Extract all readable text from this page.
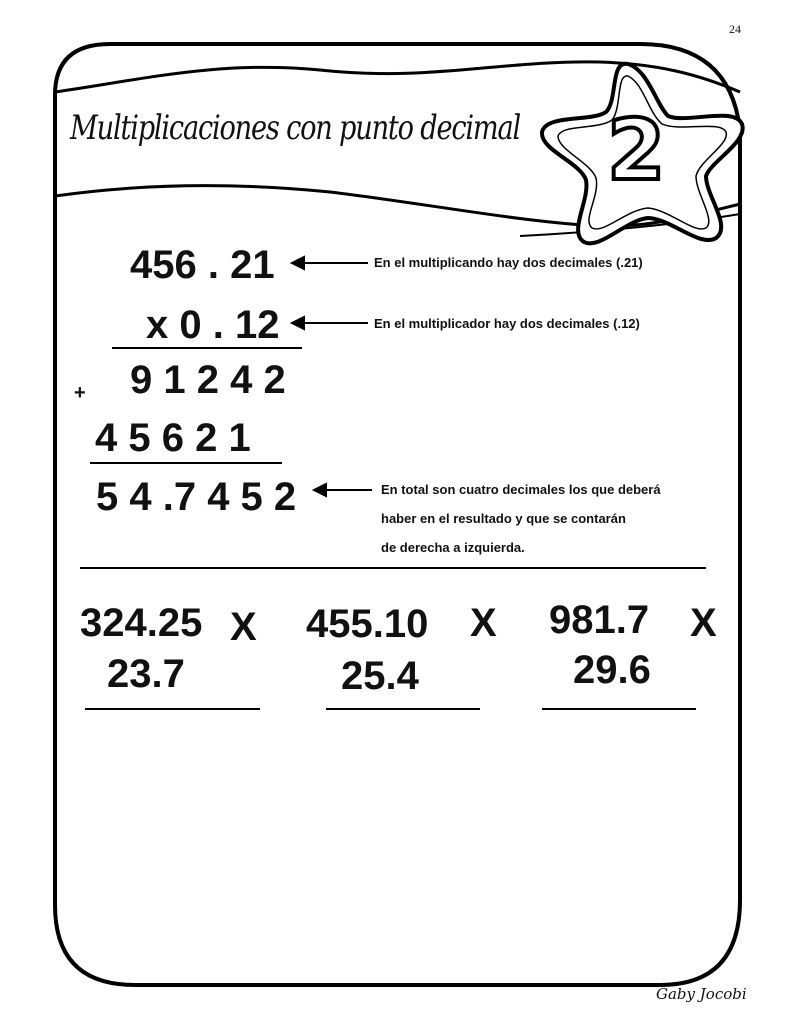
24
Multiplicaciones con punto decimal 2
456 . 21
x 0 . 12
9 1 2 4 2
+
4 5 6 2 1
5 4 .7 4 5 2
En el multiplicando hay dos decimales (.21)
En el multiplicador hay dos decimales (.12)
En total son cuatro decimales los que deberá
haber en el resultado y que se contarán
de derecha a izquierda.
324.25 X
23.7
455.10 X
25.4
981.7 X
29.6
Gaby Jocobi
